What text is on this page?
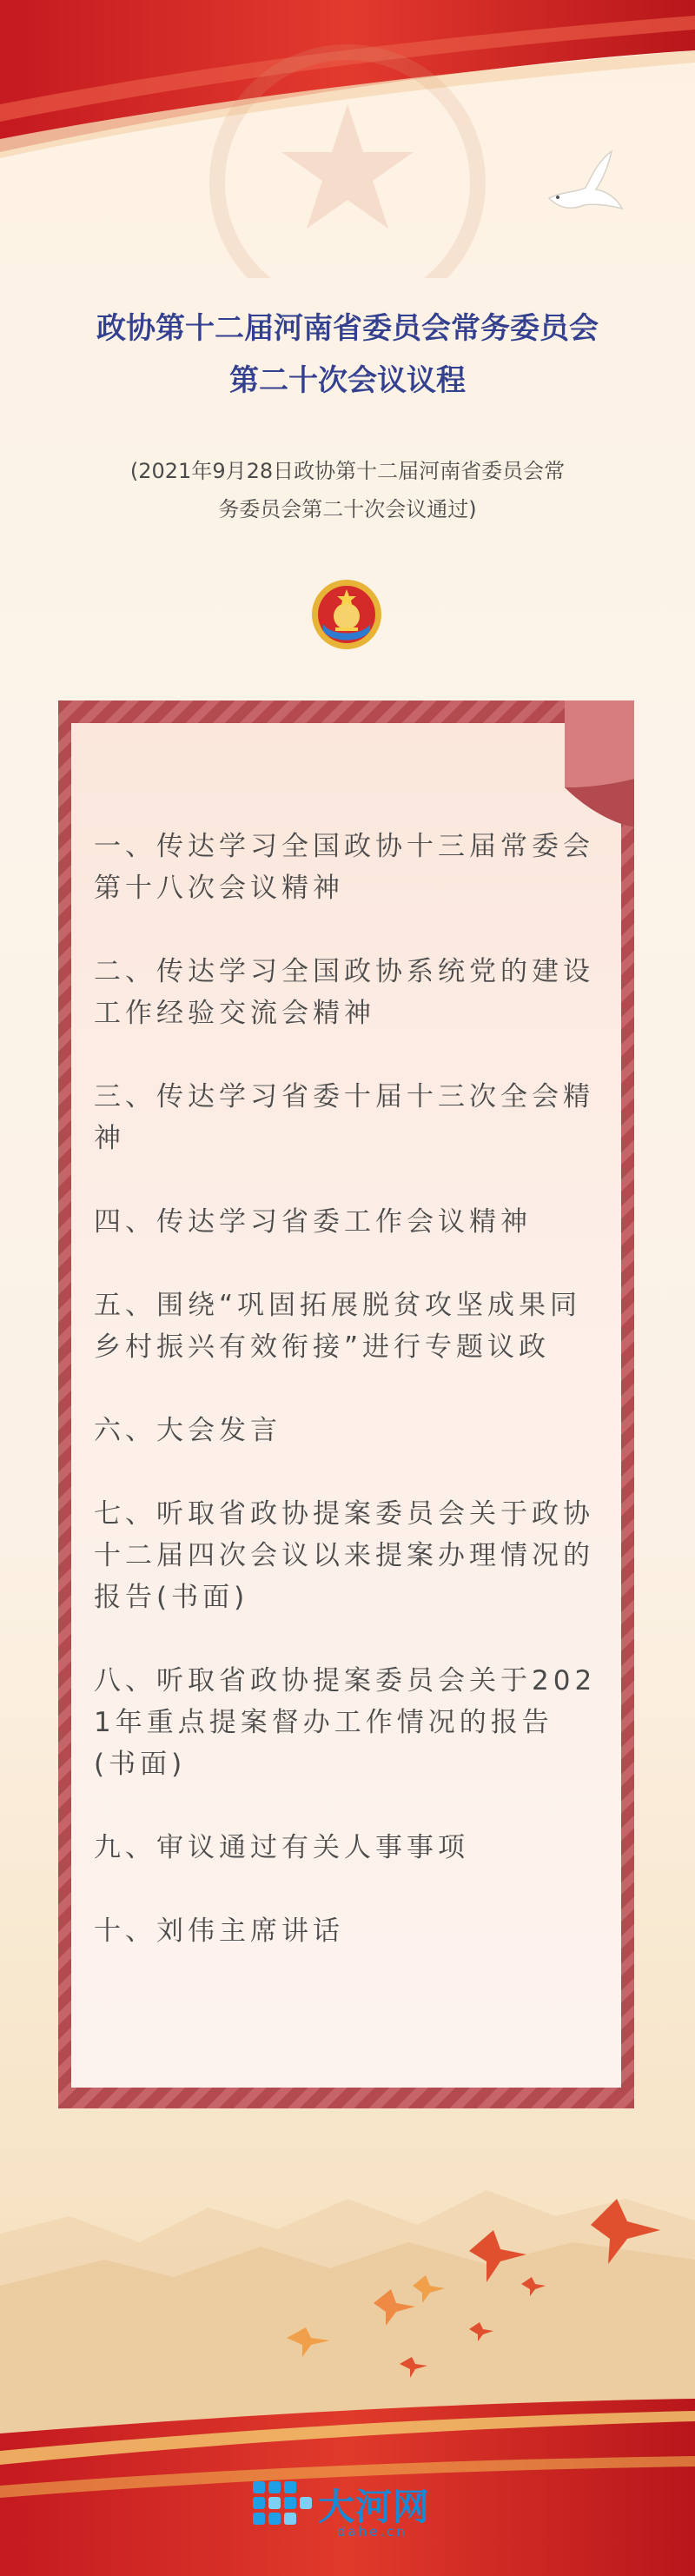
政协第十二届河南省委员会常务委员会
第二十次会议议程
(2021年9月28日政协第十二届河南省委员会常
务委员会第二十次会议通过)
一、传达学习全国政协十三届常委会第十八次会议精神
二、传达学习全国政协系统党的建设工作经验交流会精神
三、传达学习省委十届十三次全会精神
四、传达学习省委工作会议精神
五、围绕“巩固拓展脱贫攻坚成果同乡村振兴有效衔接”进行专题议政
六、大会发言
七、听取省政协提案委员会关于政协十二届四次会议以来提案办理情况的报告(书面)
八、听取省政协提案委员会关于2021年重点提案督办工作情况的报告(书面)
九、审议通过有关人事事项
十、刘伟主席讲话
大河网
dahe.cn
